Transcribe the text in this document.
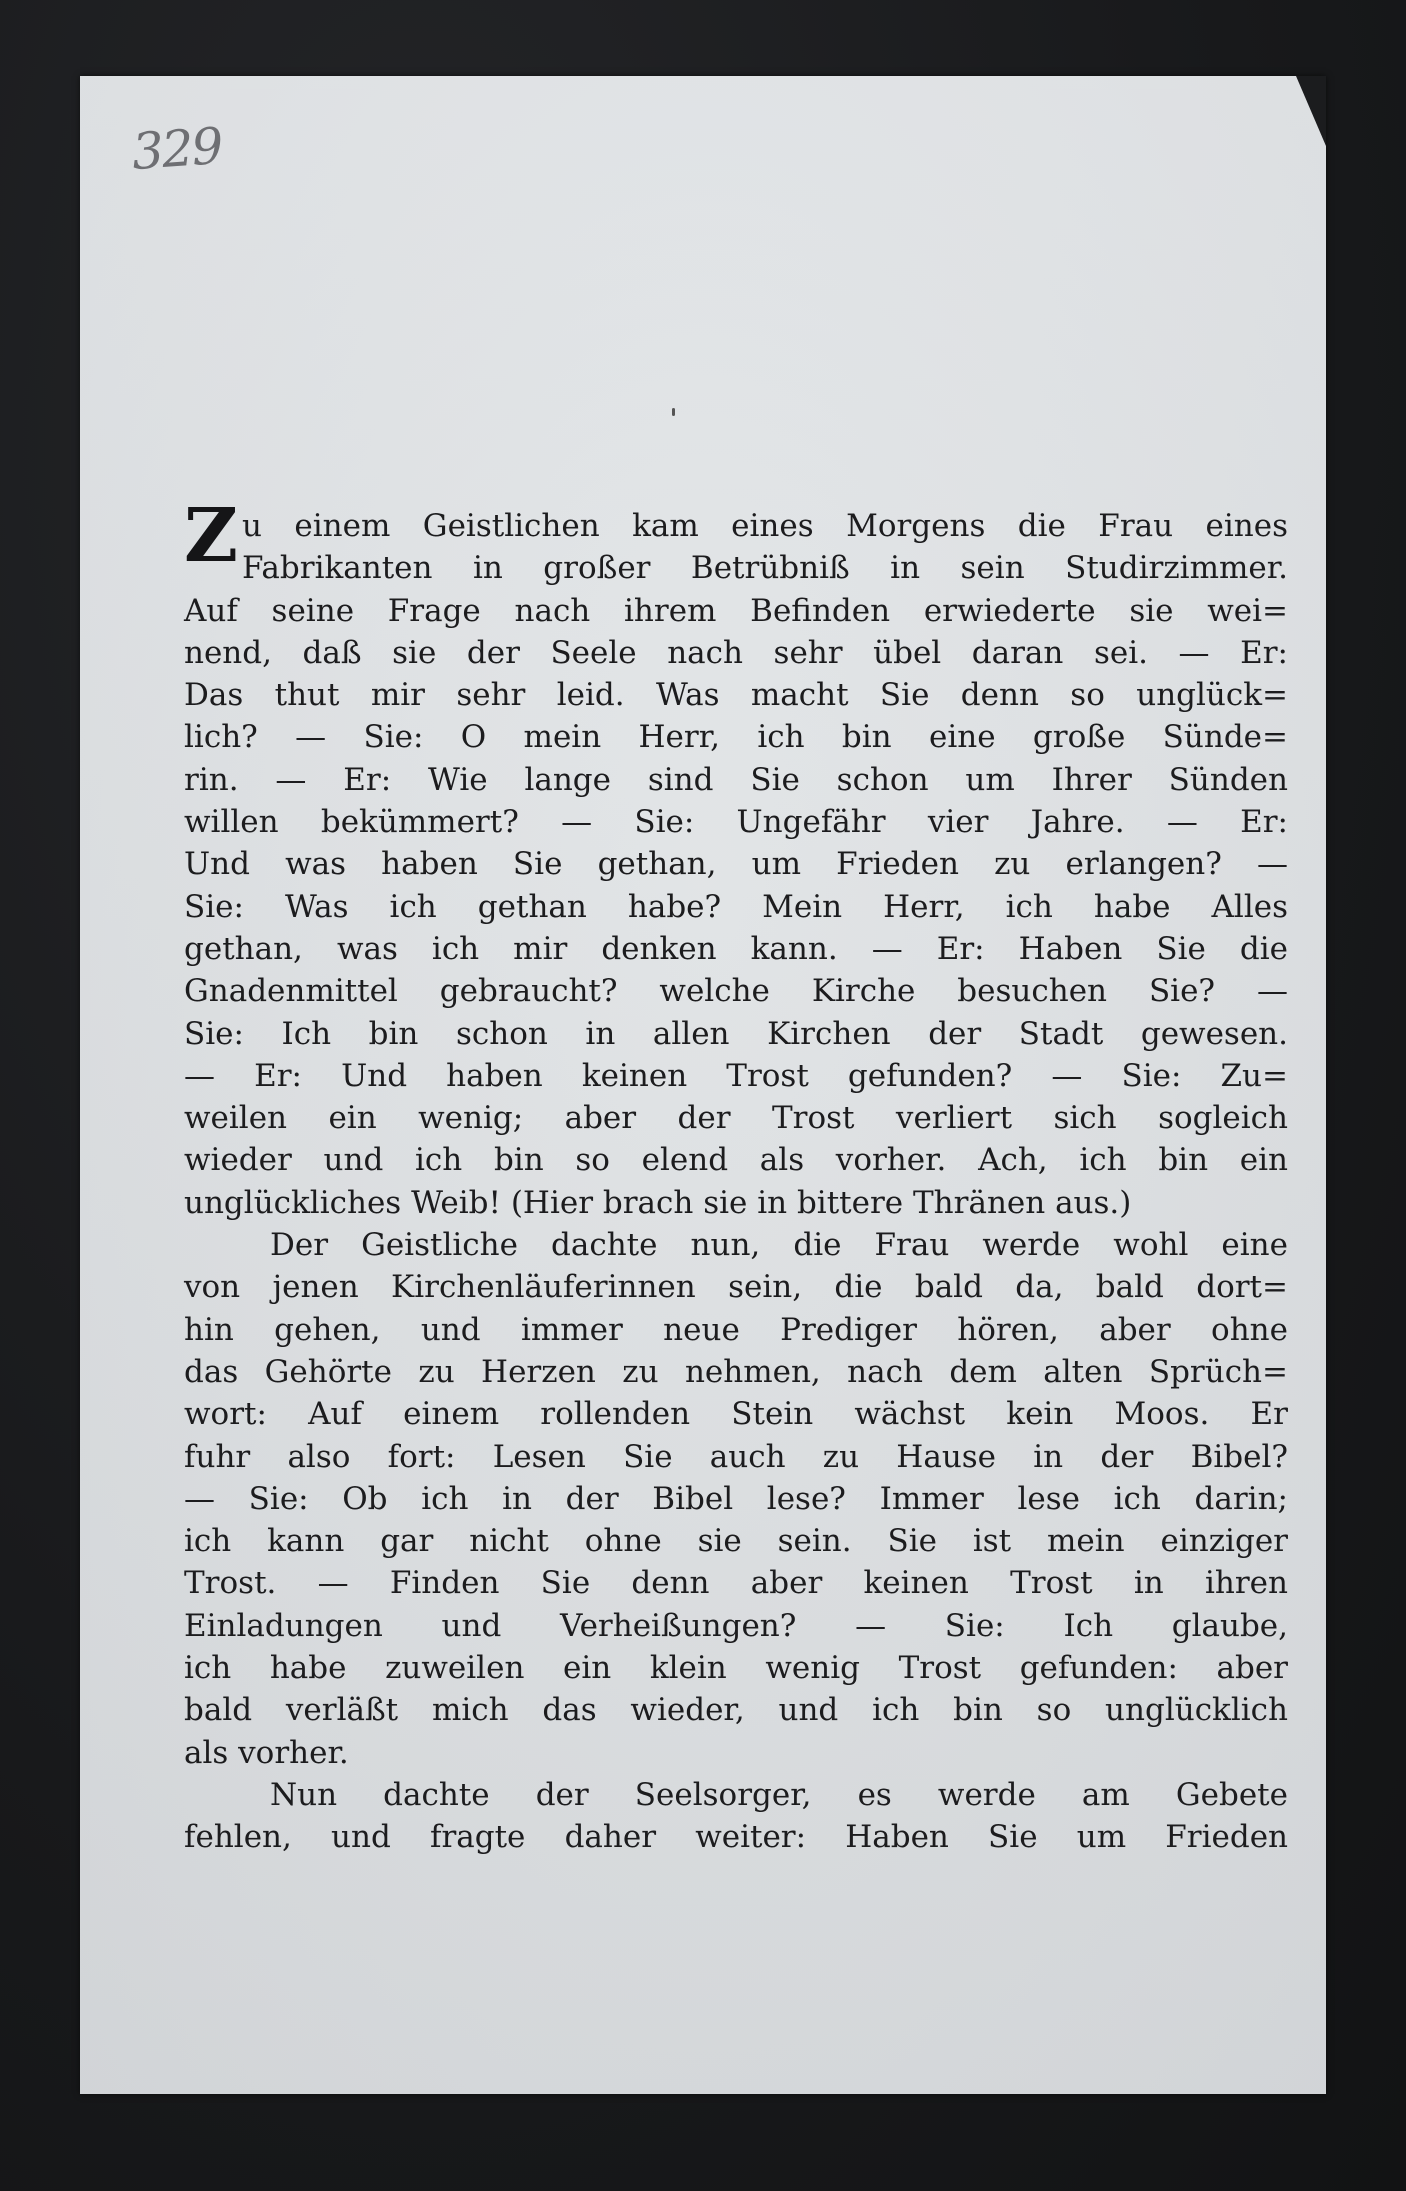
329
Zu einem Geistlichen kam eines Morgens die Frau eines
Fabrikanten in großer Betrübniß in sein Studirzimmer.
Auf seine Frage nach ihrem Befinden erwiederte sie wei=
nend, daß sie der Seele nach sehr übel daran sei. — Er:
Das thut mir sehr leid. Was macht Sie denn so unglück=
lich? — Sie: O mein Herr, ich bin eine große Sünde=
rin. — Er: Wie lange sind Sie schon um Ihrer Sünden
willen bekümmert? — Sie: Ungefähr vier Jahre. — Er:
Und was haben Sie gethan, um Frieden zu erlangen? —
Sie: Was ich gethan habe? Mein Herr, ich habe Alles
gethan, was ich mir denken kann. — Er: Haben Sie die
Gnadenmittel gebraucht? welche Kirche besuchen Sie? —
Sie: Ich bin schon in allen Kirchen der Stadt gewesen.
— Er: Und haben keinen Trost gefunden? — Sie: Zu=
weilen ein wenig; aber der Trost verliert sich sogleich
wieder und ich bin so elend als vorher. Ach, ich bin ein
unglückliches Weib! (Hier brach sie in bittere Thränen aus.)
Der Geistliche dachte nun, die Frau werde wohl eine
von jenen Kirchenläuferinnen sein, die bald da, bald dort=
hin gehen, und immer neue Prediger hören, aber ohne
das Gehörte zu Herzen zu nehmen, nach dem alten Sprüch=
wort: Auf einem rollenden Stein wächst kein Moos. Er
fuhr also fort: Lesen Sie auch zu Hause in der Bibel?
— Sie: Ob ich in der Bibel lese? Immer lese ich darin;
ich kann gar nicht ohne sie sein. Sie ist mein einziger
Trost. — Finden Sie denn aber keinen Trost in ihren
Einladungen und Verheißungen? — Sie: Ich glaube,
ich habe zuweilen ein klein wenig Trost gefunden: aber
bald verläßt mich das wieder, und ich bin so unglücklich
als vorher.
Nun dachte der Seelsorger, es werde am Gebete
fehlen, und fragte daher weiter: Haben Sie um Frieden
